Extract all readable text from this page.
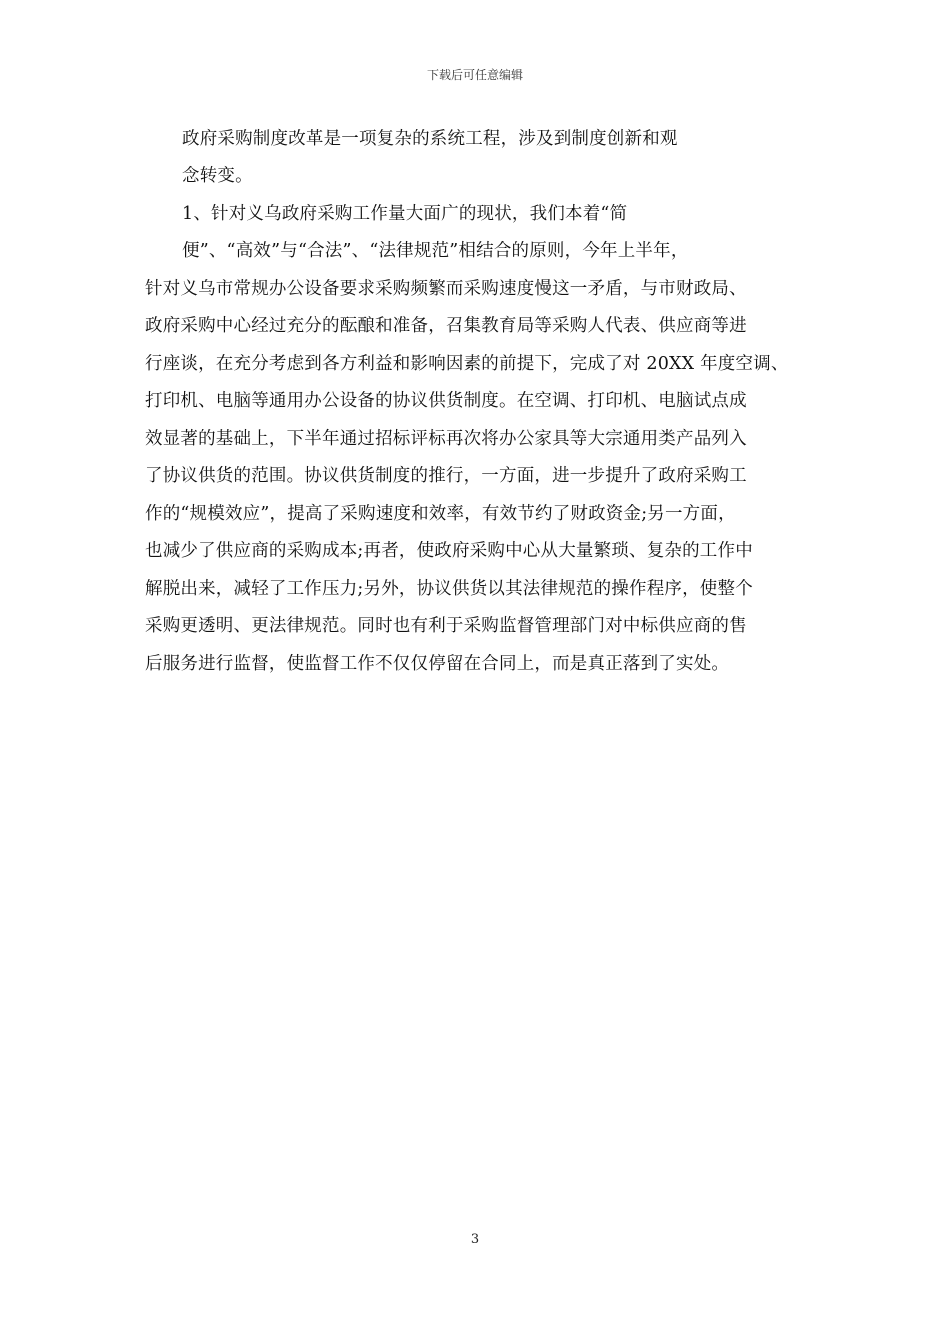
下载后可任意编辑
政府采购制度改革是一项复杂的系统工程，涉及到制度创新和观
念转变。
1、针对义乌政府采购工作量大面广的现状，我们本着“简
便”、“高效”与“合法”、“法律规范”相结合的原则，今年上半年，
针对义乌市常规办公设备要求采购频繁而采购速度慢这一矛盾，与市财政局、
政府采购中心经过充分的酝酿和准备，召集教育局等采购人代表、供应商等进
行座谈，在充分考虑到各方利益和影响因素的前提下，完成了对 20XX 年度空调、
打印机、电脑等通用办公设备的协议供货制度。在空调、打印机、电脑试点成
效显著的基础上，下半年通过招标评标再次将办公家具等大宗通用类产品列入
了协议供货的范围。协议供货制度的推行，一方面，进一步提升了政府采购工
作的“规模效应”，提高了采购速度和效率，有效节约了财政资金;另一方面，
也减少了供应商的采购成本;再者，使政府采购中心从大量繁琐、复杂的工作中
解脱出来，减轻了工作压力;另外，协议供货以其法律规范的操作程序，使整个
采购更透明、更法律规范。同时也有利于采购监督管理部门对中标供应商的售
后服务进行监督，使监督工作不仅仅停留在合同上，而是真正落到了实处。
3
